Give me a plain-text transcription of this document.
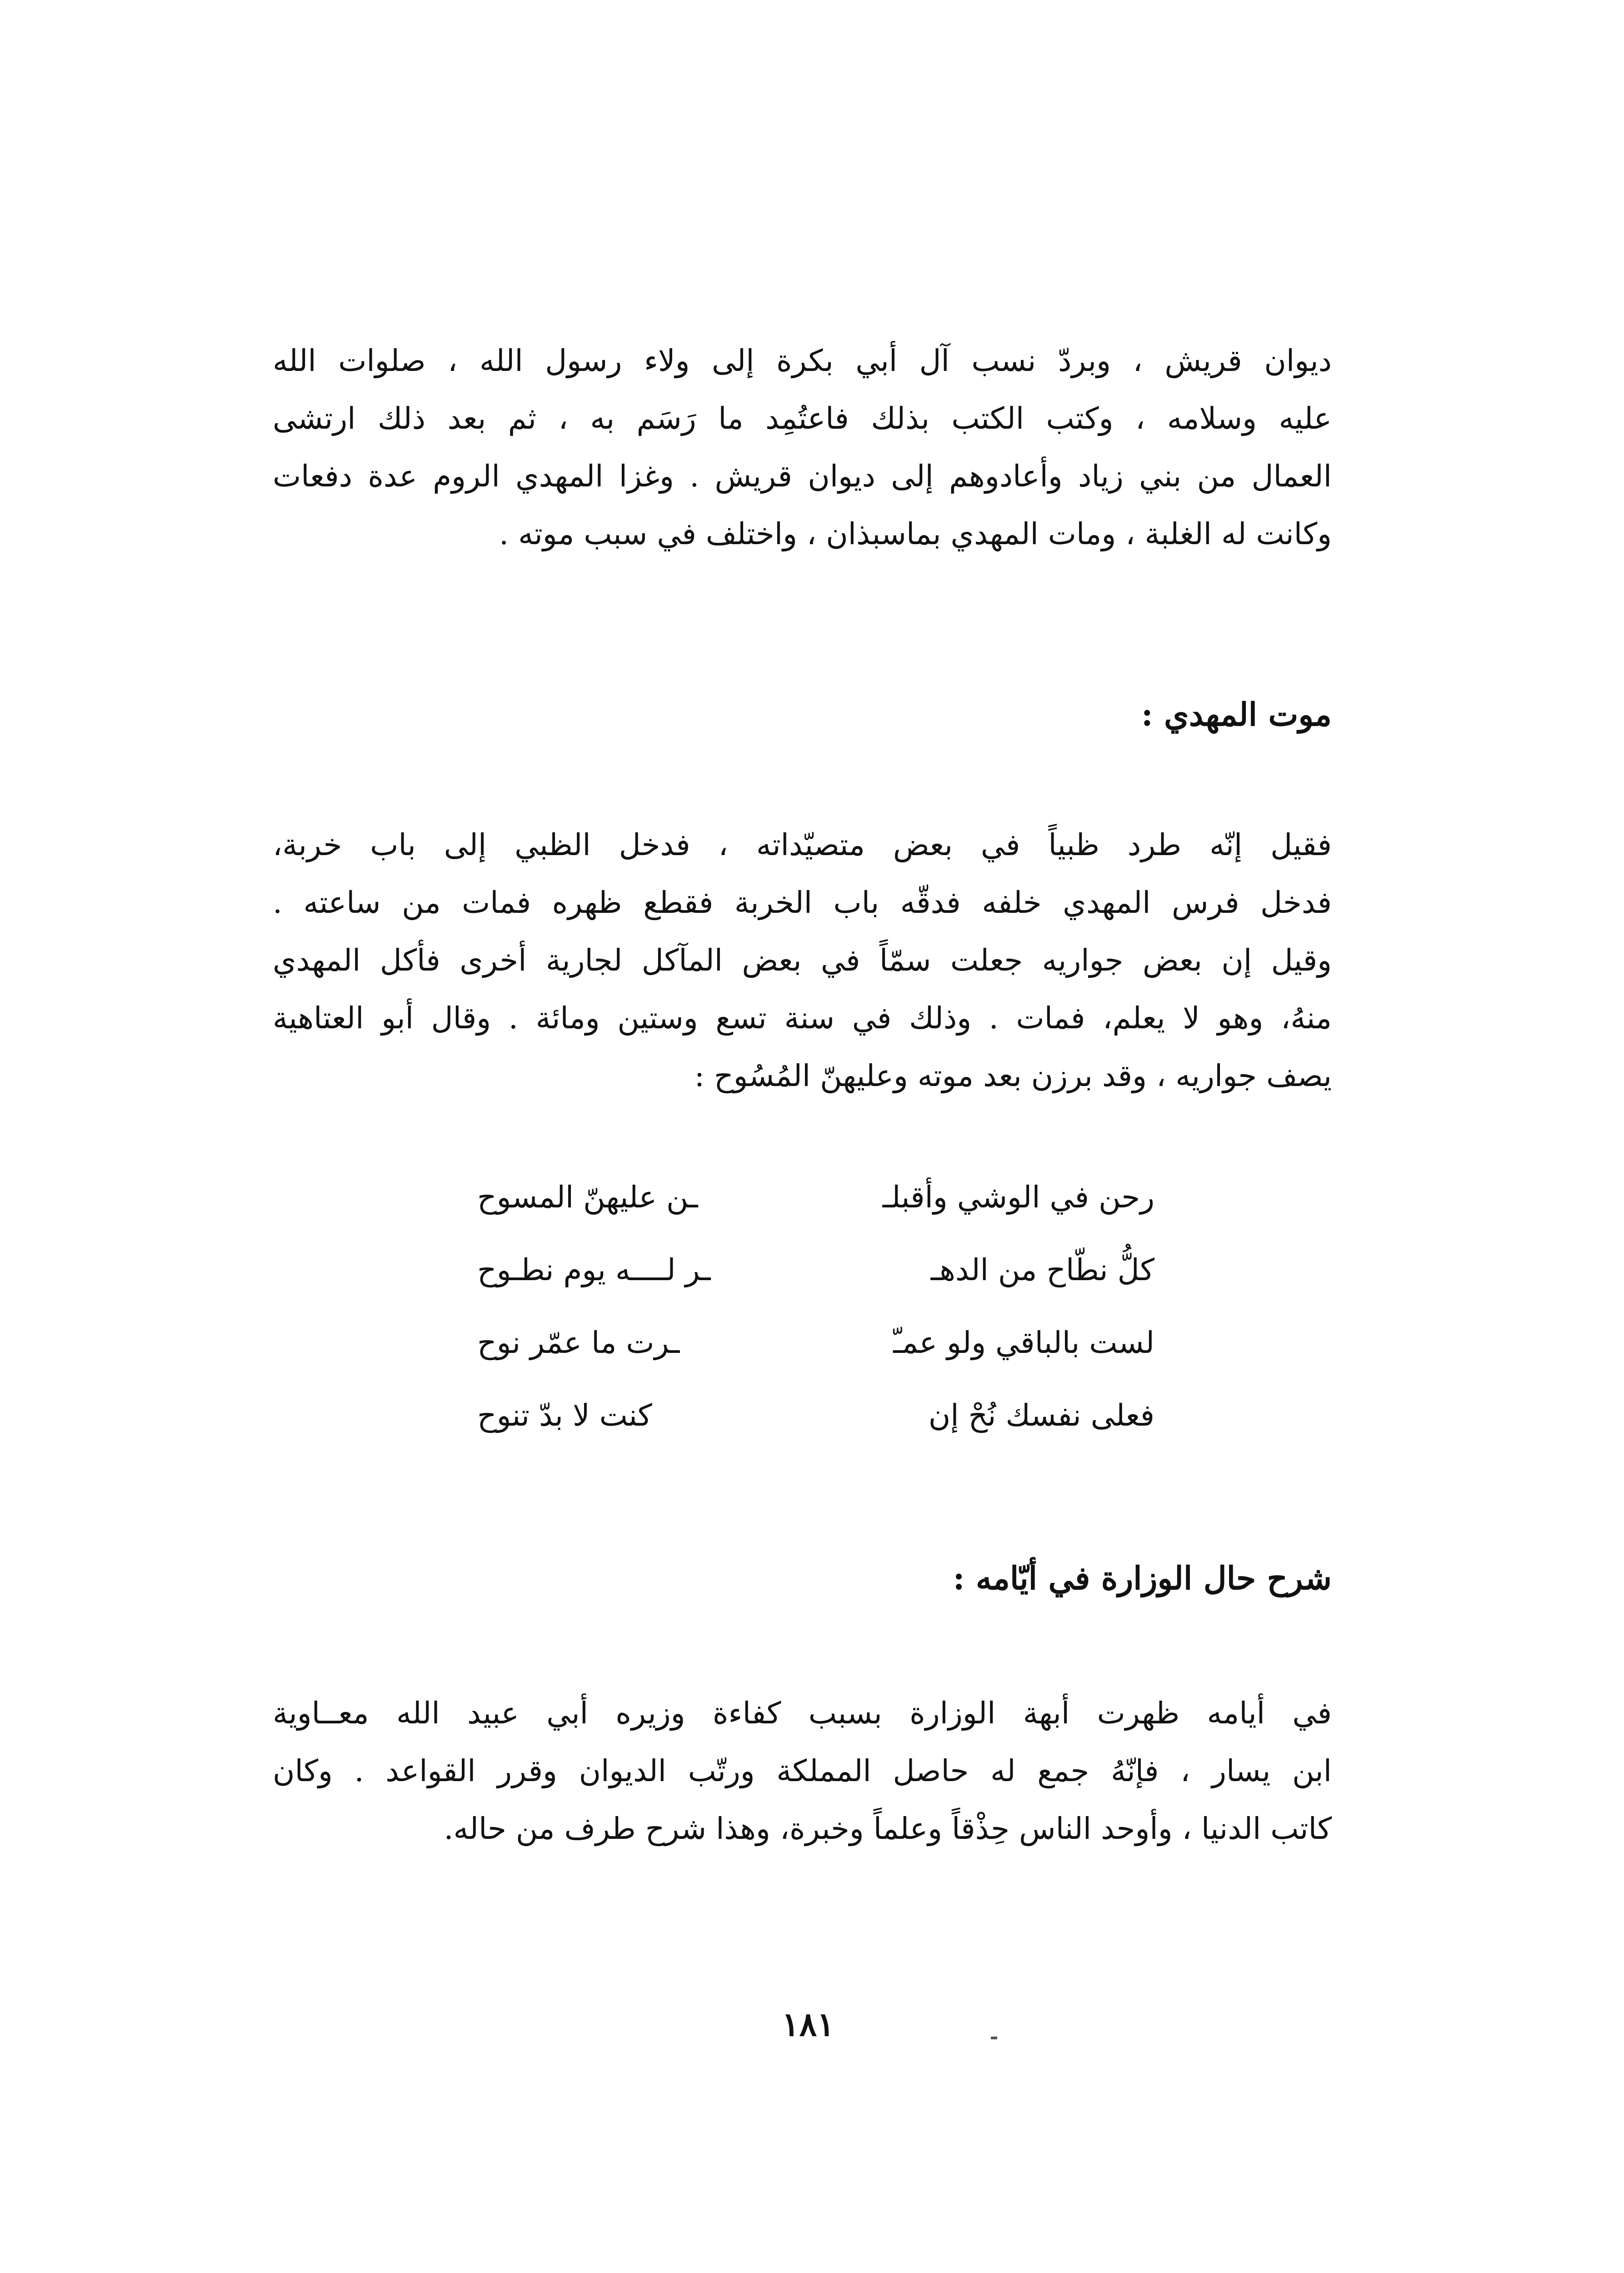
ديوان قريش ، وبردّ نسب آل أبي بكرة إلى ولاء رسول الله ، صلوات الله
عليه وسلامه ، وكتب الكتب بذلك فاعتُمِد ما رَسَم به ، ثم بعد ذلك ارتشى
العمال من بني زياد وأعادوهم إلى ديوان قريش . وغزا المهدي الروم عدة دفعات
وكانت له الغلبة ، ومات المهدي بماسبذان ، واختلف في سبب موته .
موت المهدي :
فقيل إنّه طرد ظبياً في بعض متصيّداته ، فدخل الظبي إلى باب خربة،
فدخل فرس المهدي خلفه فدقّه باب الخربة فقطع ظهره فمات من ساعته .
وقيل إن بعض جواريه جعلت سمّاً في بعض المآكل لجارية أخرى فأكل المهدي
منهُ، وهو لا يعلم، فمات . وذلك في سنة تسع وستين ومائة . وقال أبو العتاهية
يصف جواريه ، وقد برزن بعد موته وعليهنّ المُسُوح :
رحن في الوشي وأقبلـ
ـن عليهنّ المسوح
كلُّ نطّاح من الدهـ
ـر لــــه يوم نطـوح
لست بالباقي ولو عمـّ
ـرت ما عمّر نوح
فعلى نفسك نُحْ إن
كنت لا بدّ تنوح
شرح حال الوزارة في أيّامه :
في أيامه ظهرت أبهة الوزارة بسبب كفاءة وزيره أبي عبيد الله معــاوية
ابن يسار ، فإنّهُ جمع له حاصل المملكة ورتّب الديوان وقرر القواعد . وكان
كاتب الدنيا ، وأوحد الناس حِذْقاً وعلماً وخبرة، وهذا شرح طرف من حاله.
١٨١
